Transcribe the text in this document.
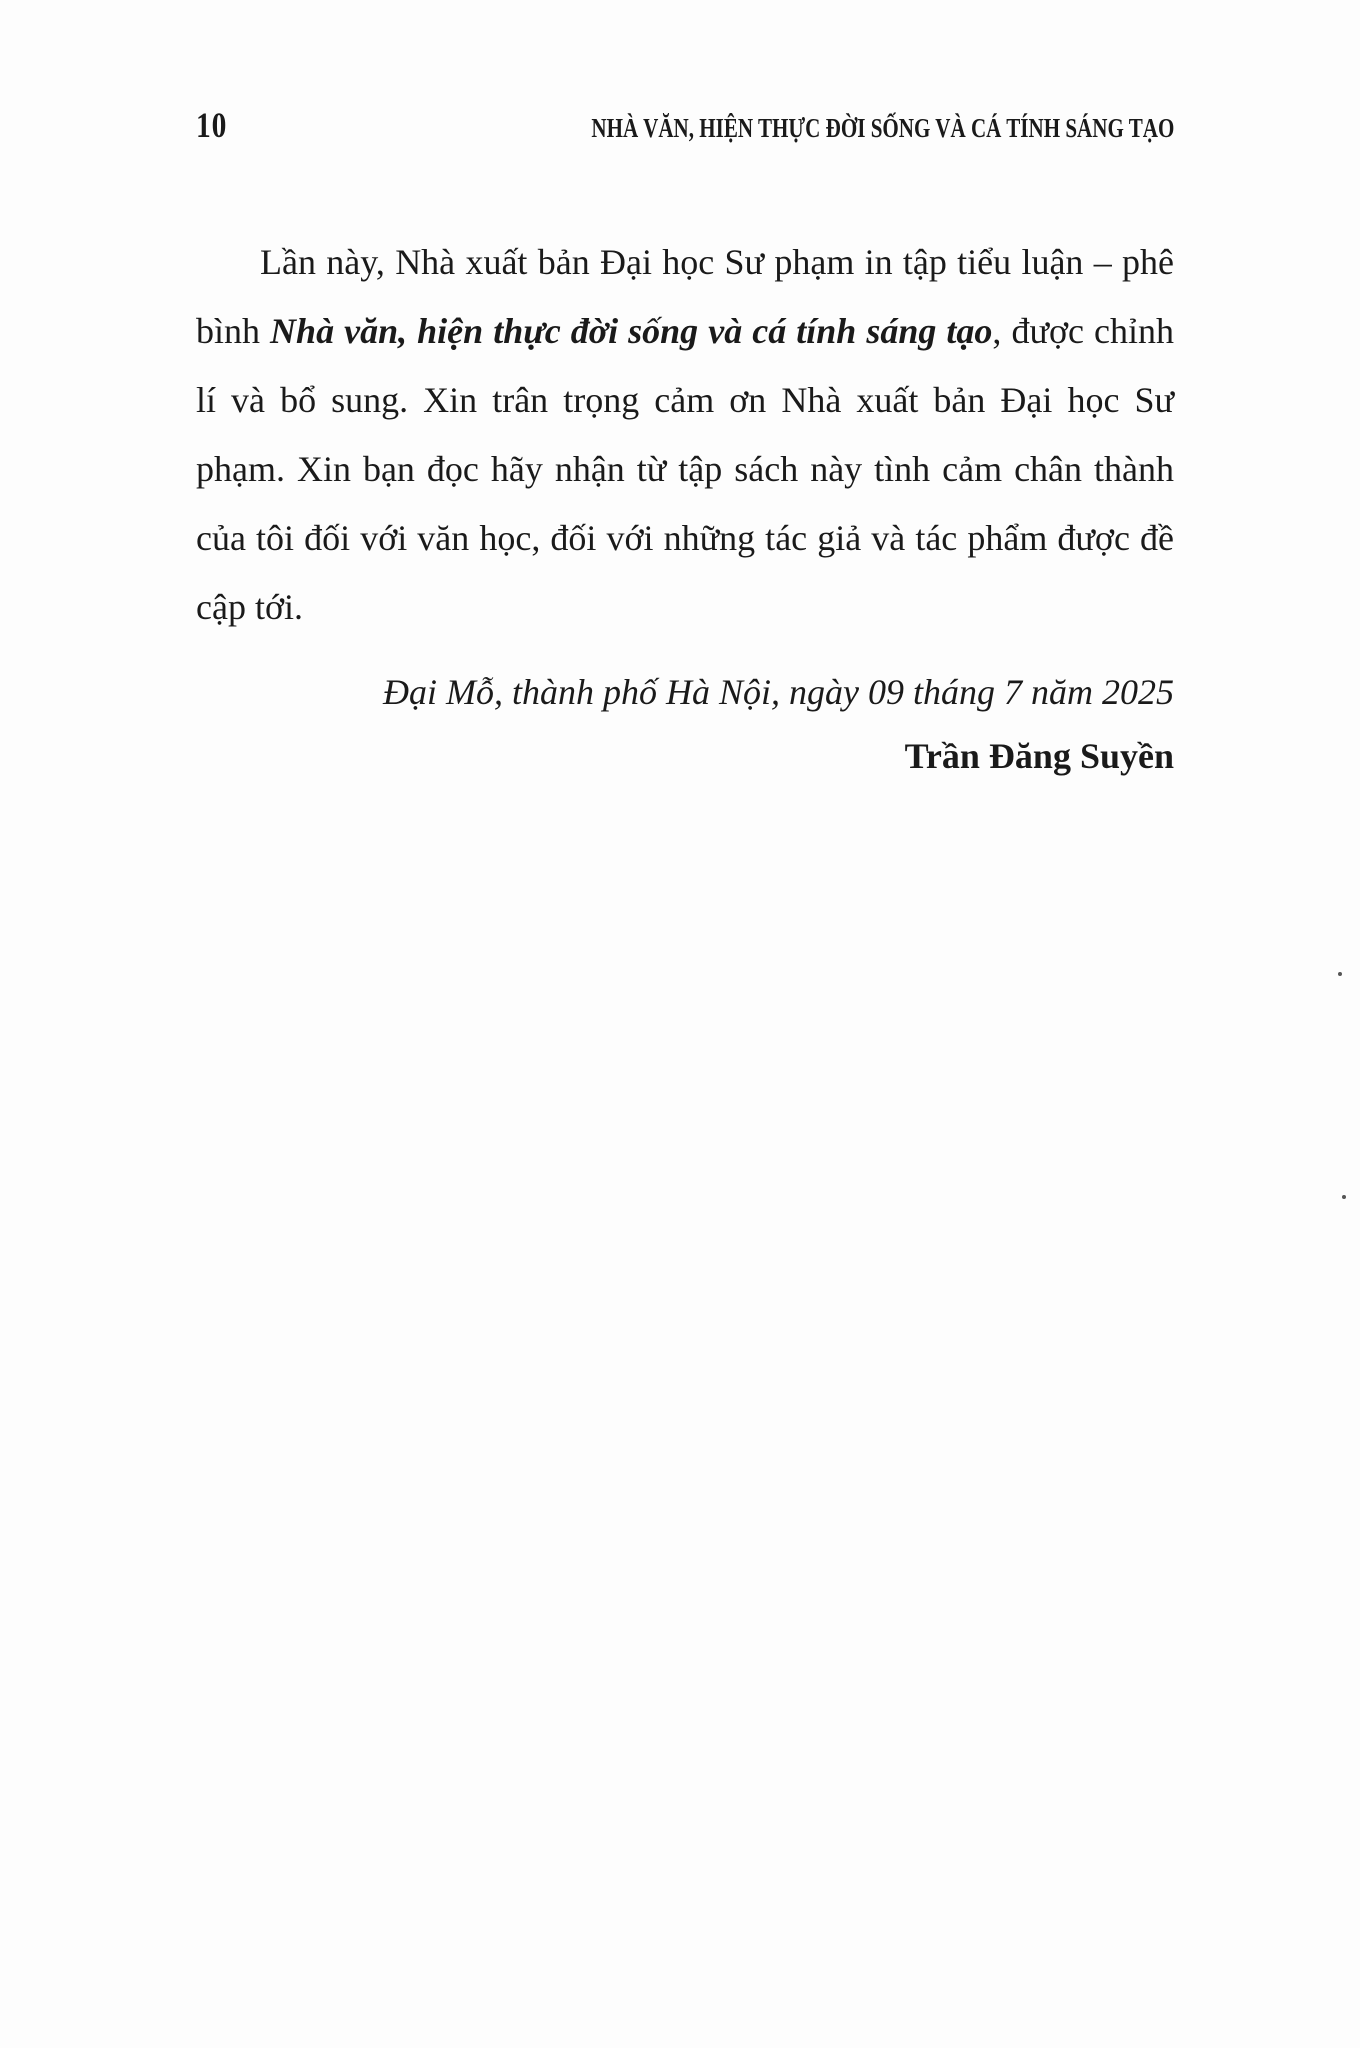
10	NHÀ VĂN, HIỆN THỰC ĐỜI SỐNG VÀ CÁ TÍNH SÁNG TẠO

Lần này, Nhà xuất bản Đại học Sư phạm in tập tiểu luận – phê bình Nhà văn, hiện thực đời sống và cá tính sáng tạo, được chỉnh lí và bổ sung. Xin trân trọng cảm ơn Nhà xuất bản Đại học Sư phạm. Xin bạn đọc hãy nhận từ tập sách này tình cảm chân thành của tôi đối với văn học, đối với những tác giả và tác phẩm được đề cập tới.

Đại Mỗ, thành phố Hà Nội, ngày 09 tháng 7 năm 2025

Trần Đăng Suyền
